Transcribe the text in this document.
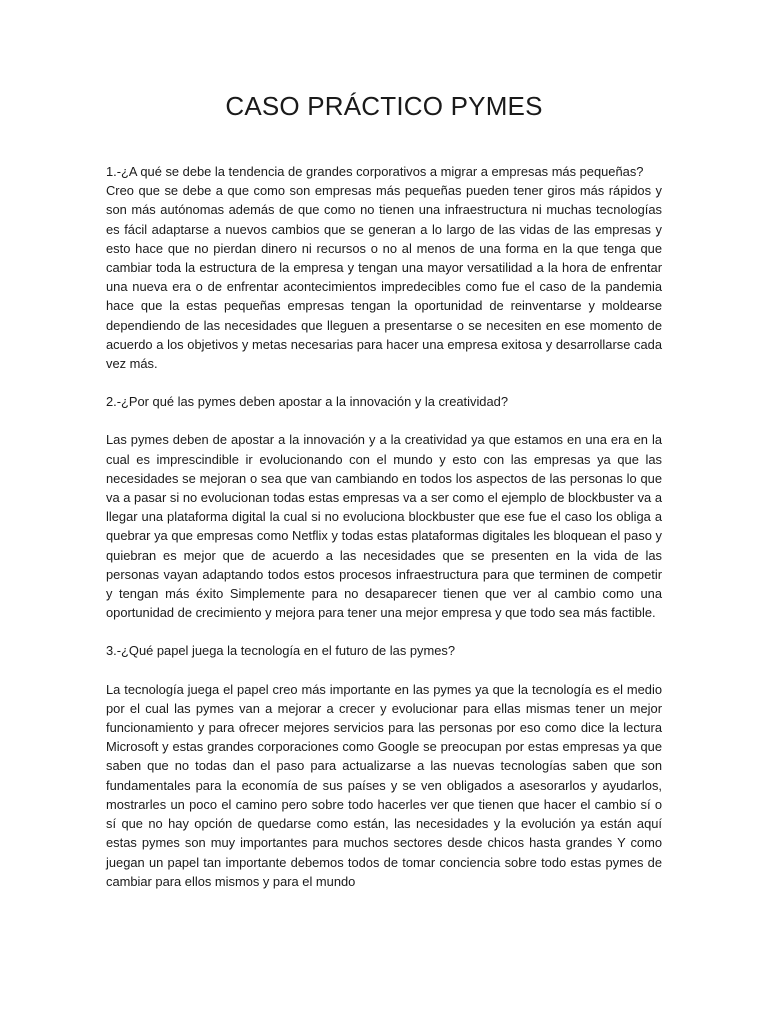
CASO PRÁCTICO PYMES

1.-¿A qué se debe la tendencia de grandes corporativos a migrar a empresas más pequeñas?

Creo que se debe a que como son empresas más pequeñas pueden tener giros más rápidos y son más autónomas además de que como no tienen una infraestructura ni muchas tecnologías es fácil adaptarse a nuevos cambios que se generan a lo largo de las vidas de las empresas y esto hace que no pierdan dinero ni recursos o no al menos de una forma en la que tenga que cambiar toda la estructura de la empresa y tengan una mayor versatilidad a la hora de enfrentar una nueva era o de enfrentar acontecimientos impredecibles como fue el caso de la pandemia hace que la estas pequeñas empresas tengan la oportunidad de reinventarse y moldearse dependiendo de las necesidades que lleguen a presentarse o se necesiten en ese momento de acuerdo a los objetivos y metas necesarias para hacer una empresa exitosa y desarrollarse cada vez más.

2.-¿Por qué las pymes deben apostar a la innovación y la creatividad?

Las pymes deben de apostar a la innovación y a la creatividad ya que estamos en una era en la cual es imprescindible ir evolucionando con el mundo y esto con las empresas ya que las necesidades se mejoran o sea que van cambiando en todos los aspectos de las personas lo que va a pasar si no evolucionan todas estas empresas va a ser como el ejemplo de blockbuster va a llegar una plataforma digital la cual si no evoluciona blockbuster que ese fue el caso los obliga a quebrar ya que empresas como Netflix y todas estas plataformas digitales les bloquean el paso y quiebran es mejor que de acuerdo a las necesidades que se presenten en la vida de las personas vayan adaptando todos estos procesos infraestructura para que terminen de competir y tengan más éxito Simplemente para no desaparecer tienen que ver al cambio como una oportunidad de crecimiento y mejora para tener una mejor empresa y que todo sea más factible.

3.-¿Qué papel juega la tecnología en el futuro de las pymes?

La tecnología juega el papel creo más importante en las pymes ya que la tecnología es el medio por el cual las pymes van a mejorar a crecer y evolucionar para ellas mismas tener un mejor funcionamiento y para ofrecer mejores servicios para las personas por eso como dice la lectura Microsoft y estas grandes corporaciones como Google se preocupan por estas empresas ya que saben que no todas dan el paso para actualizarse a las nuevas tecnologías saben que son fundamentales para la economía de sus países y se ven obligados a asesorarlos y ayudarlos, mostrarles un poco el camino pero sobre todo hacerles ver que tienen que hacer el cambio sí o sí que no hay opción de quedarse como están, las necesidades y la evolución ya están aquí estas pymes son muy importantes para muchos sectores desde chicos hasta grandes Y como juegan un papel tan importante debemos todos de tomar conciencia sobre todo estas pymes de cambiar para ellos mismos y para el mundo
